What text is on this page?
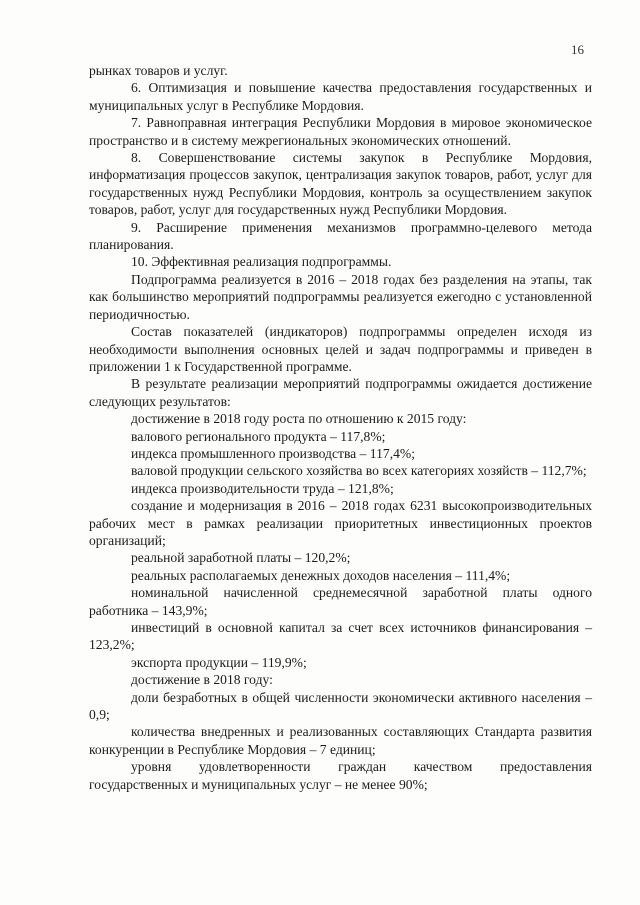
16

рынках товаров и услуг.

6. Оптимизация и повышение качества предоставления государственных и муниципальных услуг в Республике Мордовия.

7. Равноправная интеграция Республики Мордовия в мировое экономическое пространство и в систему межрегиональных экономических отношений.

8. Совершенствование системы закупок в Республике Мордовия, информатизация процессов закупок, централизация закупок товаров, работ, услуг для государственных нужд Республики Мордовия, контроль за осуществлением закупок товаров, работ, услуг для государственных нужд Республики Мордовия.

9. Расширение применения механизмов программно-целевого метода планирования.

10. Эффективная реализация подпрограммы.

Подпрограмма реализуется в 2016 – 2018 годах без разделения на этапы, так как большинство мероприятий подпрограммы реализуется ежегодно с установленной периодичностью.

Состав показателей (индикаторов) подпрограммы определен исходя из необходимости выполнения основных целей и задач подпрограммы и приведен в приложении 1 к Государственной программе.

В результате реализации мероприятий подпрограммы ожидается достижение следующих результатов:

достижение в 2018 году роста по отношению к 2015 году:

валового регионального продукта – 117,8%;

индекса промышленного производства – 117,4%;

валовой продукции сельского хозяйства во всех категориях хозяйств – 112,7%;

индекса производительности труда – 121,8%;

создание и модернизация в 2016 – 2018 годах 6231 высокопроизводительных рабочих мест в рамках реализации приоритетных инвестиционных проектов организаций;

реальной заработной платы – 120,2%;

реальных располагаемых денежных доходов населения – 111,4%;

номинальной начисленной среднемесячной заработной платы одного работника – 143,9%;

инвестиций в основной капитал за счет всех источников финансирования – 123,2%;

экспорта продукции – 119,9%;

достижение в 2018 году:

доли безработных в общей численности экономически активного населения – 0,9;

количества внедренных и реализованных составляющих Стандарта развития конкуренции в Республике Мордовия – 7 единиц;

уровня удовлетворенности граждан качеством предоставления государственных и муниципальных услуг – не менее 90%;
